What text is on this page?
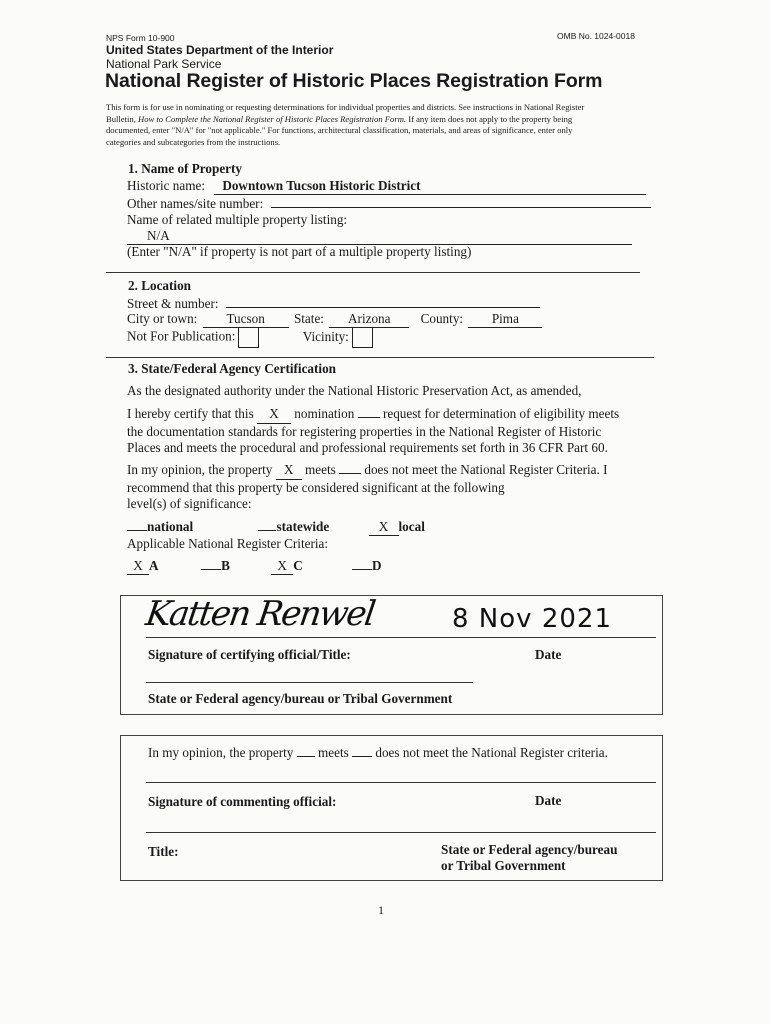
NPS Form 10-900	OMB No. 1024-0018
United States Department of the Interior
National Park Service
National Register of Historic Places Registration Form
This form is for use in nominating or requesting determinations for individual properties and districts. See instructions in National Register
Bulletin, How to Complete the National Register of Historic Places Registration Form. If any item does not apply to the property being
documented, enter "N/A" for "not applicable." For functions, architectural classification, materials, and areas of significance, enter only
categories and subcategories from the instructions.
1. Name of Property
Historic name: Downtown Tucson Historic District
Other names/site number:
Name of related multiple property listing:
N/A
(Enter "N/A" if property is not part of a multiple property listing)
2. Location
Street & number:
City or town: Tucson State: Arizona County: Pima
Not For Publication:	Vicinity:
3. State/Federal Agency Certification
As the designated authority under the National Historic Preservation Act, as amended,
I hereby certify that this X nomination  request for determination of eligibility meets
the documentation standards for registering properties in the National Register of Historic
Places and meets the procedural and professional requirements set forth in 36 CFR Part 60.
In my opinion, the property X meets  does not meet the National Register Criteria. I
recommend that this property be considered significant at the following
level(s) of significance:
national	statewide	X local
Applicable National Register Criteria:
X A	B	X C	D
Katten Renwel	8 Nov 2021
Signature of certifying official/Title:	Date
State or Federal agency/bureau or Tribal Government
In my opinion, the property  meets  does not meet the National Register criteria.
Signature of commenting official:	Date
Title:	State or Federal agency/bureau
or Tribal Government
1
